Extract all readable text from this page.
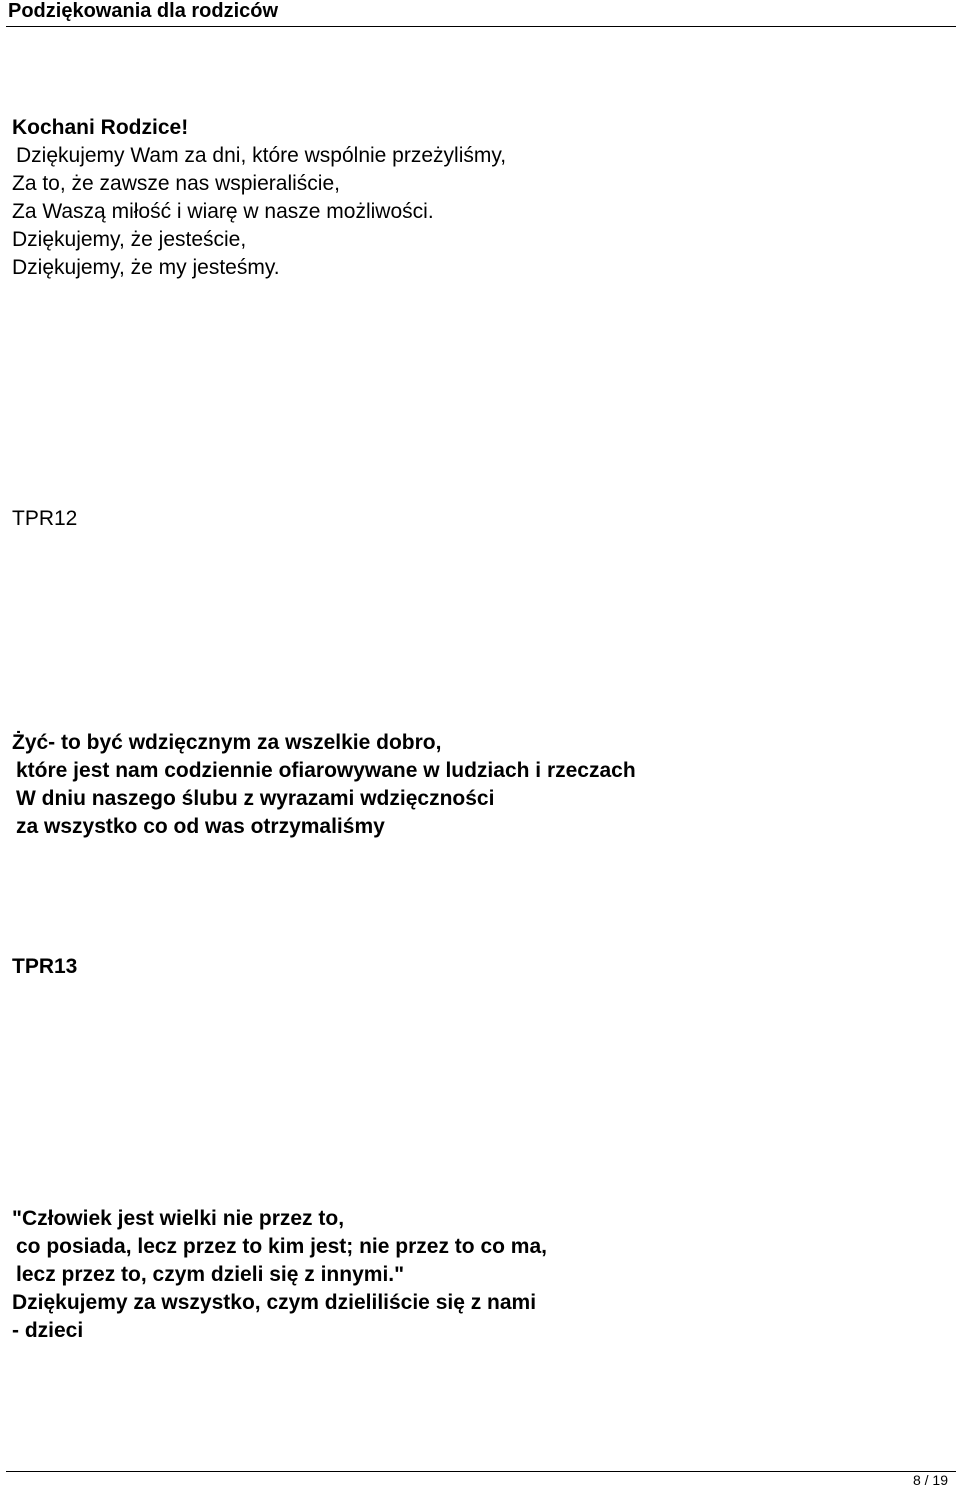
Podziękowania dla rodziców
Kochani Rodzice!
Dziękujemy Wam za dni, które wspólnie przeżyliśmy,
Za to, że zawsze nas wspieraliście,
Za Waszą miłość i wiarę w nasze możliwości.
Dziękujemy, że jesteście,
Dziękujemy, że my jesteśmy.
TPR12
Żyć- to być wdzięcznym za wszelkie dobro,
które jest nam codziennie ofiarowywane w ludziach i rzeczach
W dniu naszego ślubu z wyrazami wdzięczności
za wszystko co od was otrzymaliśmy
TPR13
"Człowiek jest wielki nie przez to,
co posiada, lecz przez to kim jest; nie przez to co ma,
lecz przez to, czym dzieli się z innymi."
Dziękujemy za wszystko, czym dzieliliście się z nami
- dzieci
8 / 19
